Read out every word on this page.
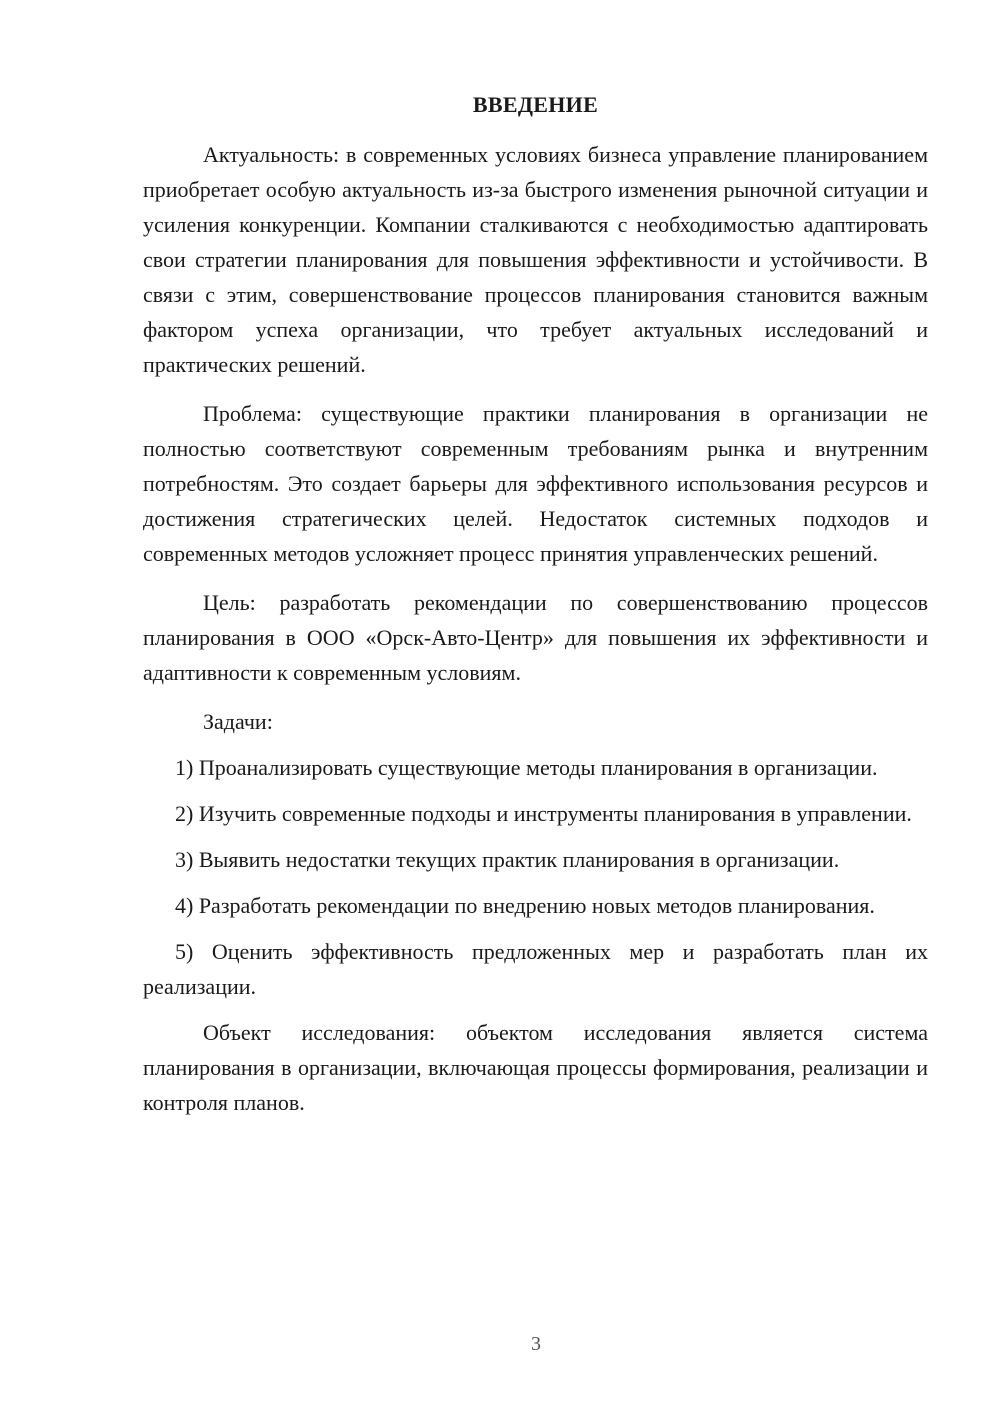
ВВЕДЕНИЕ

Актуальность: в современных условиях бизнеса управление планированием приобретает особую актуальность из-за быстрого изменения рыночной ситуации и усиления конкуренции. Компании сталкиваются с необходимостью адаптировать свои стратегии планирования для повышения эффективности и устойчивости. В связи с этим, совершенствование процессов планирования становится важным фактором успеха организации, что требует актуальных исследований и практических решений.

Проблема: существующие практики планирования в организации не полностью соответствуют современным требованиям рынка и внутренним потребностям. Это создает барьеры для эффективного использования ресурсов и достижения стратегических целей. Недостаток системных подходов и современных методов усложняет процесс принятия управленческих решений.

Цель: разработать рекомендации по совершенствованию процессов планирования в ООО «Орск-Авто-Центр» для повышения их эффективности и адаптивности к современным условиям.

Задачи:

1) Проанализировать существующие методы планирования в организации.

2) Изучить современные подходы и инструменты планирования в управлении.

3) Выявить недостатки текущих практик планирования в организации.

4) Разработать рекомендации по внедрению новых методов планирования.

5) Оценить эффективность предложенных мер и разработать план их реализации.

Объект исследования: объектом исследования является система планирования в организации, включающая процессы формирования, реализации и контроля планов.

3
